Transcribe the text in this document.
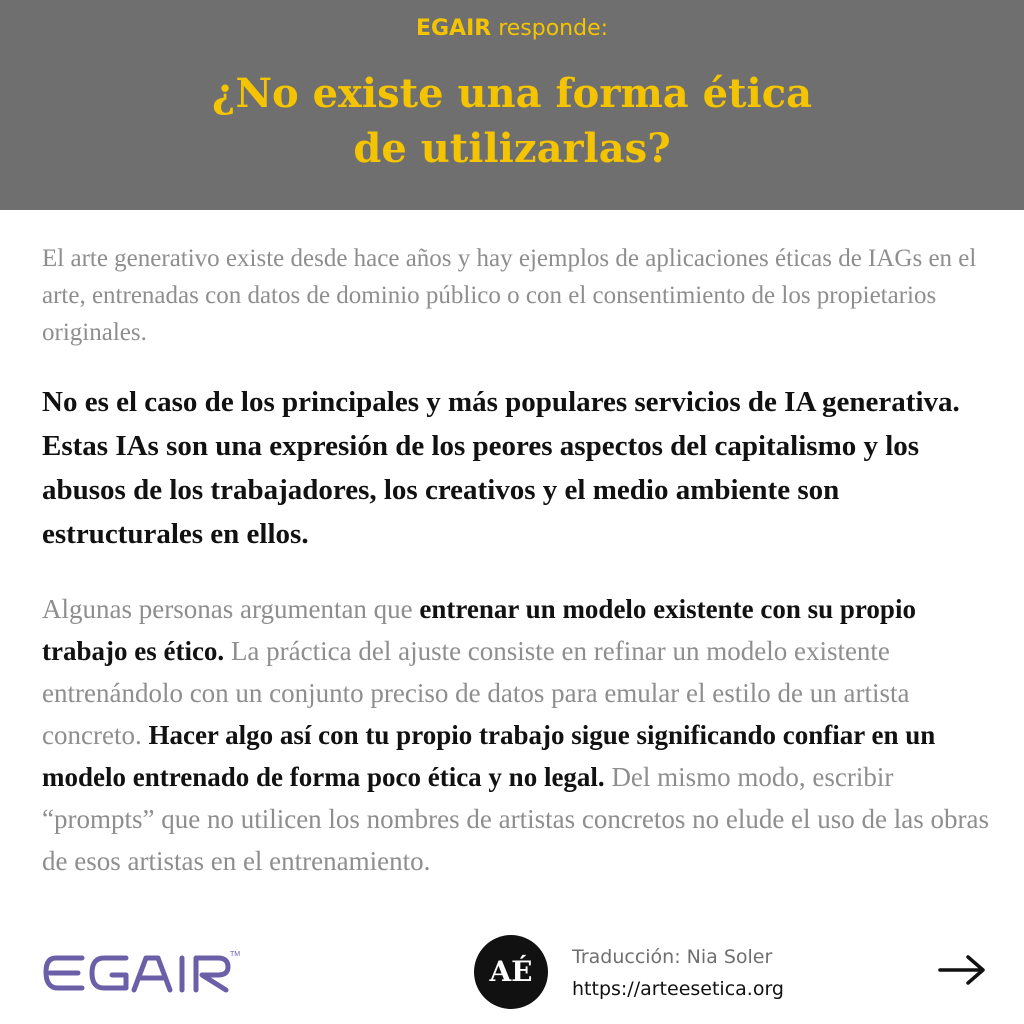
EGAIR responde:
¿No existe una forma ética
de utilizarlas?
El arte generativo existe desde hace años y hay ejemplos de aplicaciones éticas de IAGs en el arte, entrenadas con datos de dominio público o con el consentimiento de los propietarios originales.
No es el caso de los principales y más populares servicios de IA generativa. Estas IAs son una expresión de los peores aspectos del capitalismo y los abusos de los trabajadores, los creativos y el medio ambiente son estructurales en ellos.
Algunas personas argumentan que entrenar un modelo existente con su propio trabajo es ético. La práctica del ajuste consiste en refinar un modelo existente entrenándolo con un conjunto preciso de datos para emular el estilo de un artista concreto. Hacer algo así con tu propio trabajo sigue significando confiar en un modelo entrenado de forma poco ética y no legal. Del mismo modo, escribir “prompts” que no utilicen los nombres de artistas concretos no elude el uso de las obras de esos artistas en el entrenamiento.
EGAIR
TM
AÉ	Traducción: Nia Soler
https://arteesetica.org
